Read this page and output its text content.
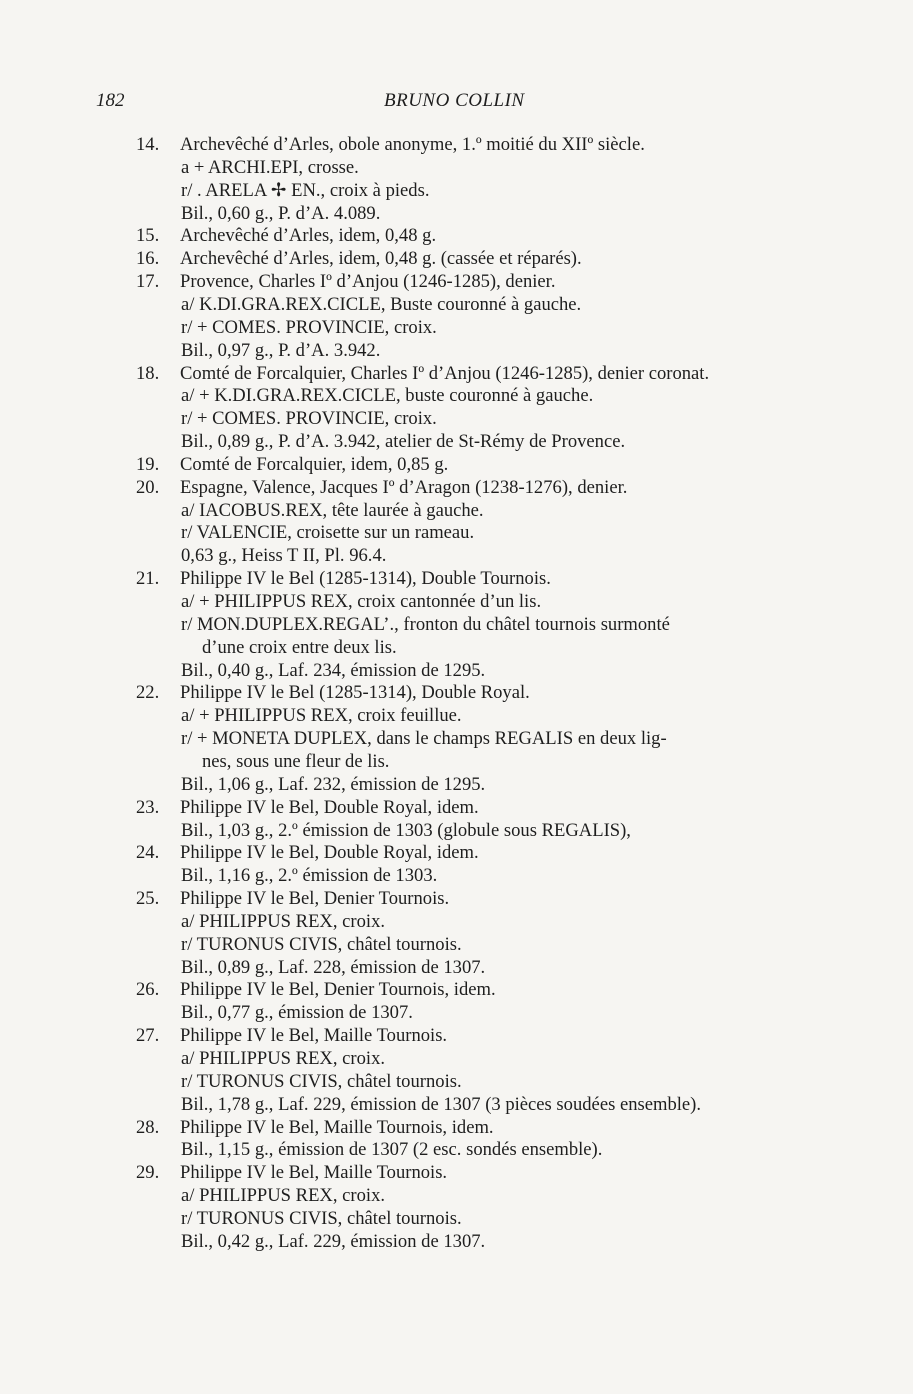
182	BRUNO COLLIN
14.	Archevêché d’Arles, obole anonyme, 1.º moitié du XIIº siècle.
a + ARCHI.EPI, crosse.
r/ . ARELA ✢ EN., croix à pieds.
Bil., 0,60 g., P. d’A. 4.089.
15.	Archevêché d’Arles, idem, 0,48 g.
16.	Archevêché d’Arles, idem, 0,48 g. (cassée et réparés).
17.	Provence, Charles Iº d’Anjou (1246-1285), denier.
a/ K.DI.GRA.REX.CICLE, Buste couronné à gauche.
r/ + COMES. PROVINCIE, croix.
Bil., 0,97 g., P. d’A. 3.942.
18.	Comté de Forcalquier, Charles Iº d’Anjou (1246-1285), denier coronat.
a/ + K.DI.GRA.REX.CICLE, buste couronné à gauche.
r/ + COMES. PROVINCIE, croix.
Bil., 0,89 g., P. d’A. 3.942, atelier de St-Rémy de Provence.
19.	Comté de Forcalquier, idem, 0,85 g.
20.	Espagne, Valence, Jacques Iº d’Aragon (1238-1276), denier.
a/ IACOBUS.REX, tête laurée à gauche.
r/ VALENCIE, croisette sur un rameau.
0,63 g., Heiss T II, Pl. 96.4.
21.	Philippe IV le Bel (1285-1314), Double Tournois.
a/ + PHILIPPUS REX, croix cantonnée d’un lis.
r/ MON.DUPLEX.REGAL’., fronton du châtel tournois surmonté
d’une croix entre deux lis.
Bil., 0,40 g., Laf. 234, émission de 1295.
22.	Philippe IV le Bel (1285-1314), Double Royal.
a/ + PHILIPPUS REX, croix feuillue.
r/ + MONETA DUPLEX, dans le champs REGALIS en deux lig-
nes, sous une fleur de lis.
Bil., 1,06 g., Laf. 232, émission de 1295.
23.	Philippe IV le Bel, Double Royal, idem.
Bil., 1,03 g., 2.º émission de 1303 (globule sous REGALIS),
24.	Philippe IV le Bel, Double Royal, idem.
Bil., 1,16 g., 2.º émission de 1303.
25.	Philippe IV le Bel, Denier Tournois.
a/ PHILIPPUS REX, croix.
r/ TURONUS CIVIS, châtel tournois.
Bil., 0,89 g., Laf. 228, émission de 1307.
26.	Philippe IV le Bel, Denier Tournois, idem.
Bil., 0,77 g., émission de 1307.
27.	Philippe IV le Bel, Maille Tournois.
a/ PHILIPPUS REX, croix.
r/ TURONUS CIVIS, châtel tournois.
Bil., 1,78 g., Laf. 229, émission de 1307 (3 pièces soudées ensemble).
28.	Philippe IV le Bel, Maille Tournois, idem.
Bil., 1,15 g., émission de 1307 (2 esc. sondés ensemble).
29.	Philippe IV le Bel, Maille Tournois.
a/ PHILIPPUS REX, croix.
r/ TURONUS CIVIS, châtel tournois.
Bil., 0,42 g., Laf. 229, émission de 1307.
